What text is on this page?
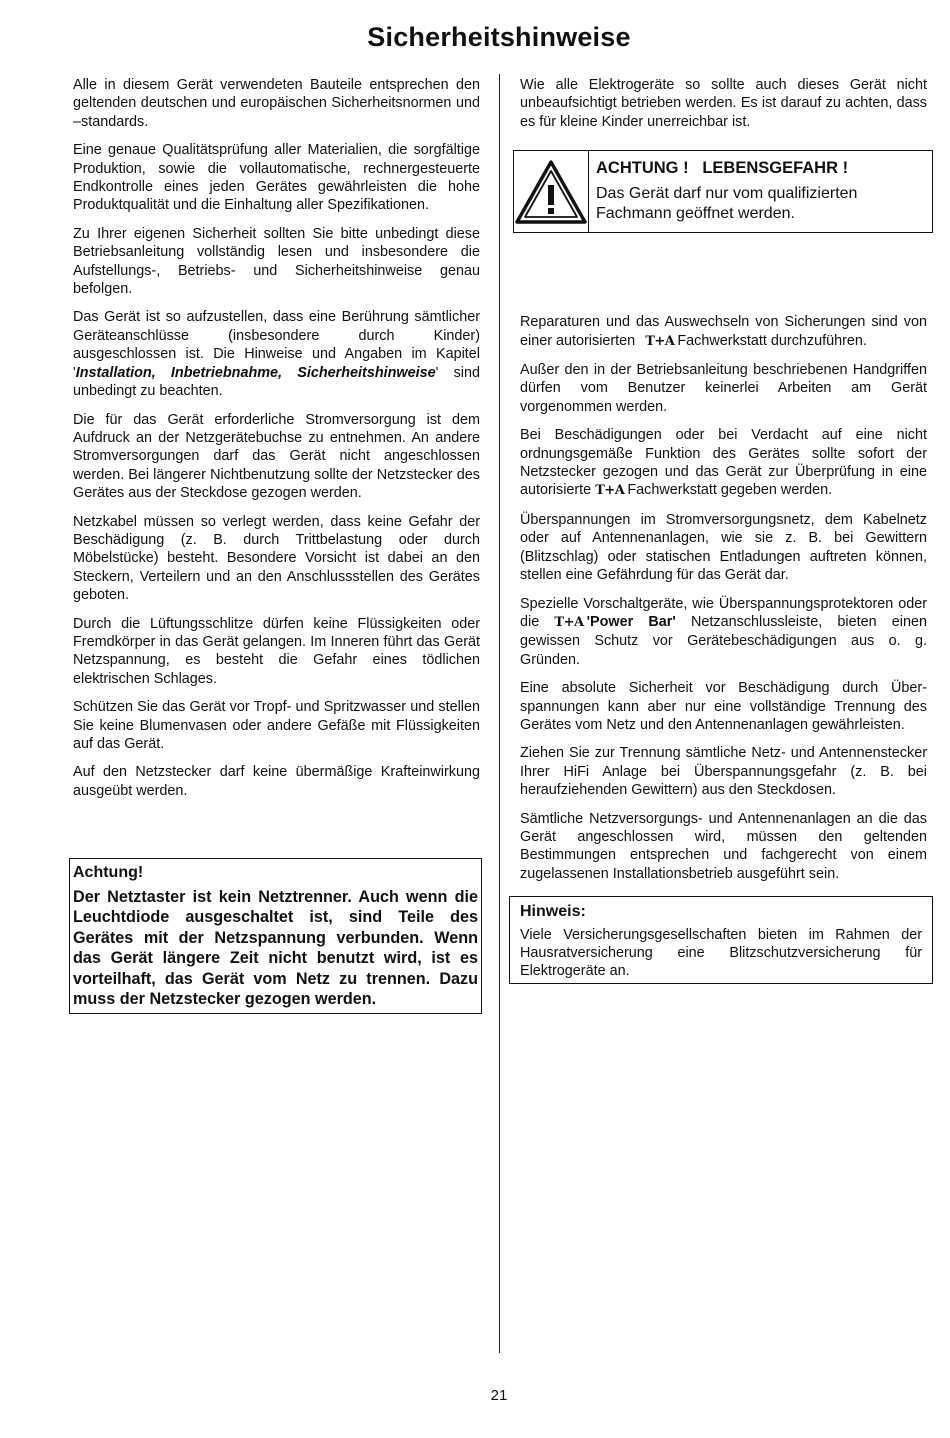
Sicherheitshinweise

Alle in diesem Gerät verwendeten Bauteile entsprechen den geltenden deutschen und europäischen Sicherheitsnormen und –standards.

Eine genaue Qualitätsprüfung aller Materialien, die sorgfältige Produktion, sowie die vollautomatische, rechnergesteuerte Endkontrolle eines jeden Gerätes gewährleisten die hohe Produktqualität und die Einhaltung aller Spezifikationen.

Zu Ihrer eigenen Sicherheit sollten Sie bitte unbedingt diese Betriebsanleitung vollständig lesen und insbesondere die Aufstellungs-, Betriebs- und Sicherheitshinweise genau befolgen.

Das Gerät ist so aufzustellen, dass eine Berührung sämtlicher Geräteanschlüsse (insbesondere durch Kinder) ausgeschlossen ist. Die Hinweise und Angaben im Kapitel 'Installation, Inbetriebnahme, Sicherheitshinweise' sind unbedingt zu beachten.

Die für das Gerät erforderliche Stromversorgung ist dem Aufdruck an der Netzgerätebuchse zu entnehmen. An andere Stromversorgungen darf das Gerät nicht angeschlossen werden. Bei längerer Nichtbenutzung sollte der Netzstecker des Gerätes aus der Steckdose gezogen werden.

Netzkabel müssen so verlegt werden, dass keine Gefahr der Beschädigung (z. B. durch Trittbelastung oder durch Möbelstücke) besteht. Besondere Vorsicht ist dabei an den Steckern, Verteilern und an den Anschlussstellen des Gerätes geboten.

Durch die Lüftungsschlitze dürfen keine Flüssigkeiten oder Fremdkörper in das Gerät gelangen. Im Inneren führt das Gerät Netzspannung, es besteht die Gefahr eines tödlichen elektrischen Schlages.

Schützen Sie das Gerät vor Tropf- und Spritzwasser und stellen Sie keine Blumenvasen oder andere Gefäße mit Flüssigkeiten auf das Gerät.

Auf den Netzstecker darf keine übermäßige Krafteinwirkung ausgeübt werden.

Achtung!
Der Netztaster ist kein Netztrenner. Auch wenn die Leuchtdiode ausgeschaltet ist, sind Teile des Gerätes mit der Netzspannung verbunden. Wenn das Gerät längere Zeit nicht benutzt wird, ist es vorteilhaft, das Gerät vom Netz zu trennen. Dazu muss der Netzstecker gezogen werden.

Wie alle Elektrogeräte so sollte auch dieses Gerät nicht unbeaufsichtigt betrieben werden. Es ist darauf zu achten, dass es für kleine Kinder unerreichbar ist.

Reparaturen und das Auswechseln von Sicherungen sind von einer autorisierten T+A Fachwerkstatt durchzuführen.

Außer den in der Betriebsanleitung beschriebenen Handgriffen dürfen vom Benutzer keinerlei Arbeiten am Gerät vorgenommen werden.

Bei Beschädigungen oder bei Verdacht auf eine nicht ordnungsgemäße Funktion des Gerätes sollte sofort der Netzstecker gezogen und das Gerät zur Überprüfung in eine autorisierte T+A Fachwerkstatt gegeben werden.

Überspannungen im Stromversorgungsnetz, dem Kabelnetz oder auf Antennenanlagen, wie sie z. B. bei Gewittern (Blitzschlag) oder statischen Entladungen auftreten können, stellen eine Gefährdung für das Gerät dar.

Spezielle Vorschaltgeräte, wie Überspannungsprotektoren oder die T+A 'Power Bar' Netzanschlussleiste, bieten einen gewissen Schutz vor Gerätebeschädigungen aus o. g. Gründen.

Eine absolute Sicherheit vor Beschädigung durch Überspannungen kann aber nur eine vollständige Trennung des Gerätes vom Netz und den Antennenanlagen gewährleisten.

Ziehen Sie zur Trennung sämtliche Netz- und Antennenstecker Ihrer HiFi Anlage bei Überspannungsgefahr (z. B. bei heraufziehenden Gewittern) aus den Steckdosen.

Sämtliche Netzversorgungs- und Antennenanlagen an die das Gerät angeschlossen wird, müssen den geltenden Bestimmungen entsprechen und fachgerecht von einem zugelassenen Installationsbetrieb ausgeführt sein.

ACHTUNG !   LEBENSGEFAHR !
Das Gerät darf nur vom qualifizierten Fachmann geöffnet werden.
Hinweis:
Viele Versicherungsgesellschaften bieten im Rahmen der Hausratversicherung eine Blitzschutzversicherung für Elektrogeräte an.
21
